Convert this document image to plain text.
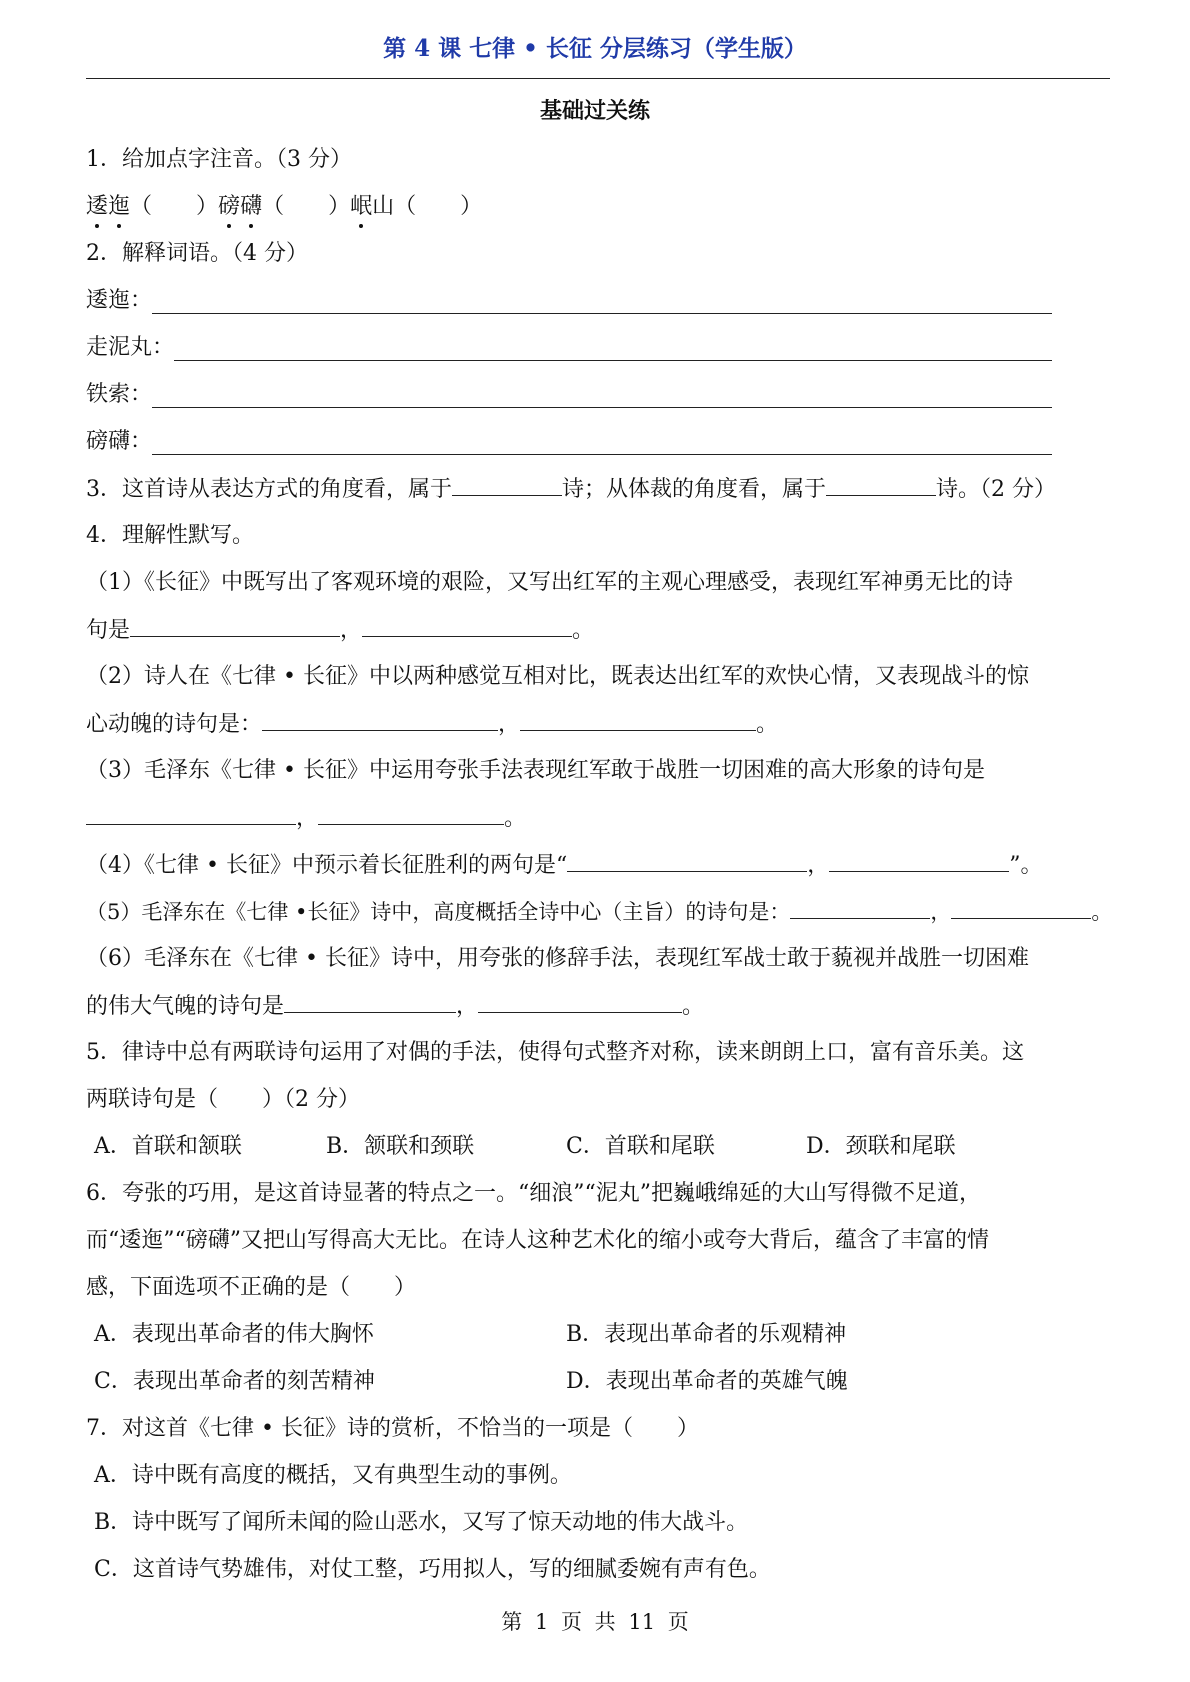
第 4 课 七律 • 长征 分层练习（学生版）
基础过关练
1．给加点字注音。（3 分）
逶迤（　　）磅礴（　　）岷山（　　）
2．解释词语。（4 分）
逶迤：
走泥丸：
铁索：
磅礴：
3．这首诗从表达方式的角度看，属于	诗；从体裁的角度看，属于	诗。（2 分）
4．理解性默写。
（1）《长征》中既写出了客观环境的艰险，又写出红军的主观心理感受，表现红军神勇无比的诗
句是	，	。
（2）诗人在《七律 • 长征》中以两种感觉互相对比，既表达出红军的欢快心情，又表现战斗的惊
心动魄的诗句是：	，	。
（3）毛泽东《七律 • 长征》中运用夸张手法表现红军敢于战胜一切困难的高大形象的诗句是
，	。
（4）《七律 • 长征》中预示着长征胜利的两句是“	，	”。
（5）毛泽东在《七律 •长征》诗中，高度概括全诗中心（主旨）的诗句是：	，	。
（6）毛泽东在《七律 • 长征》诗中，用夸张的修辞手法，表现红军战士敢于藐视并战胜一切困难
的伟大气魄的诗句是	，	。
5．律诗中总有两联诗句运用了对偶的手法，使得句式整齐对称，读来朗朗上口，富有音乐美。这
两联诗句是（　　）（2 分）
A．首联和颔联	B．颔联和颈联	C．首联和尾联	D．颈联和尾联
6．夸张的巧用，是这首诗显著的特点之一。“细浪”“泥丸”把巍峨绵延的大山写得微不足道，
而“逶迤”“磅礴”又把山写得高大无比。在诗人这种艺术化的缩小或夸大背后，蕴含了丰富的情
感，下面选项不正确的是（　　）
A．表现出革命者的伟大胸怀	B．表现出革命者的乐观精神
C．表现出革命者的刻苦精神	D．表现出革命者的英雄气魄
7．对这首《七律 • 长征》诗的赏析，不恰当的一项是（　　）
A．诗中既有高度的概括，又有典型生动的事例。
B．诗中既写了闻所未闻的险山恶水，又写了惊天动地的伟大战斗。
C．这首诗气势雄伟，对仗工整，巧用拟人，写的细腻委婉有声有色。
第 1 页 共 11 页
